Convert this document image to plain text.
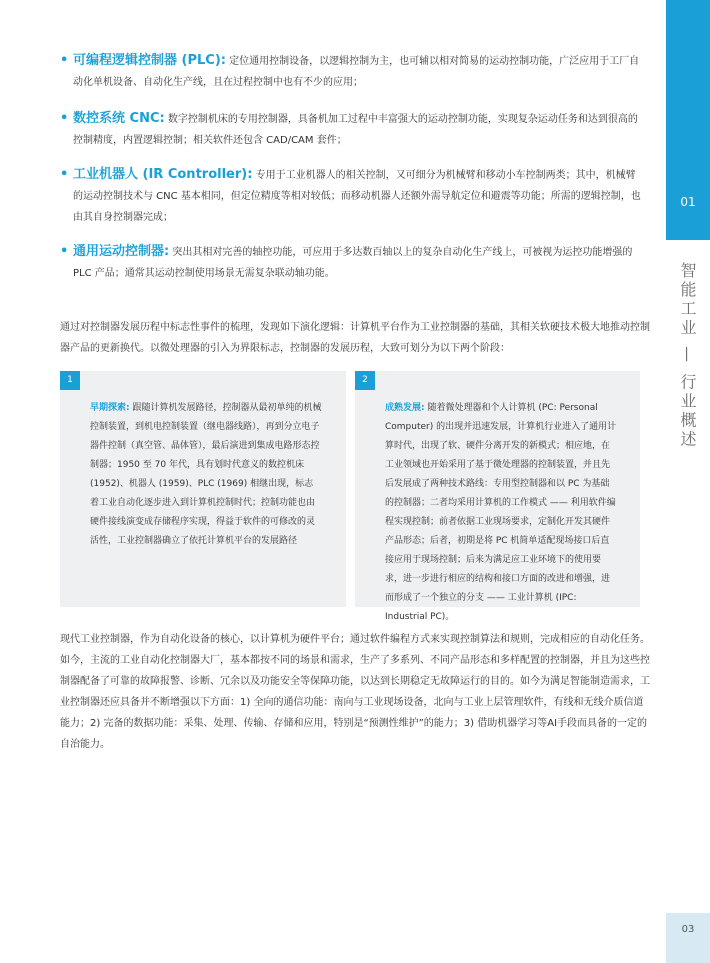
01
智能工业 — 行业概述
03
• 可编程逻辑控制器 (PLC): 定位通用控制设备，以逻辑控制为主，也可辅以相对简易的运动控制功能，广泛应用于工厂自动化单机设备、自动化生产线，且在过程控制中也有不少的应用；
• 数控系统 CNC: 数字控制机床的专用控制器，具备机加工过程中丰富强大的运动控制功能，实现复杂运动任务和达到很高的控制精度，内置逻辑控制；相关软件还包含 CAD/CAM 套件；
• 工业机器人 (IR Controller): 专用于工业机器人的相关控制，又可细分为机械臂和移动小车控制两类；其中，机械臂的运动控制技术与 CNC 基本相同，但定位精度等相对较低；而移动机器人还额外需导航定位和避震等功能；所需的逻辑控制，也由其自身控制器完成；
• 通用运动控制器: 突出其相对完善的轴控功能，可应用于多达数百轴以上的复杂自动化生产线上，可被视为运控功能增强的 PLC 产品；通常其运动控制使用场景无需复杂联动轴功能。
通过对控制器发展历程中标志性事件的梳理，发现如下演化逻辑：计算机平台作为工业控制器的基础，其相关软硬技术极大地推动控制器产品的更新换代。以微处理器的引入为界限标志，控制器的发展历程，大致可划分为以下两个阶段：
1
早期探索: 跟随计算机发展路径，控制器从最初单纯的机械控制装置，到机电控制装置（继电器线路），再到分立电子器件控制（真空管、晶体管），最后演进到集成电路形态控制器；1950 至 70 年代，具有划时代意义的数控机床 (1952)、机器人 (1959)、PLC (1969) 相继出现，标志着工业自动化逐步进入到计算机控制时代；控制功能也由硬件接线演变成存储程序实现，得益于软件的可修改的灵活性，工业控制器确立了依托计算机平台的发展路径
2
成熟发展: 随着微处理器和个人计算机 (PC: Personal Computer) 的出现并迅速发展，计算机行业进入了通用计算时代，出现了软、硬件分离开发的新模式；相应地，在工业领域也开始采用了基于微处理器的控制装置，并且先后发展成了两种技术路线：专用型控制器和以 PC 为基础的控制器；二者均采用计算机的工作模式 —— 利用软件编程实现控制；前者依据工业现场要求，定制化开发其硬件产品形态；后者，初期是将 PC 机简单适配现场接口后直接应用于现场控制；后来为满足应工业环境下的使用要求，进一步进行相应的结构和接口方面的改进和增强，进而形成了一个独立的分支 —— 工业计算机 (IPC: Industrial PC)。
现代工业控制器，作为自动化设备的核心，以计算机为硬件平台；通过软件编程方式来实现控制算法和规则，完成相应的自动化任务。如今，主流的工业自动化控制器大厂，基本都按不同的场景和需求，生产了多系列、不同产品形态和多样配置的控制器，并且为这些控制器配备了可靠的故障报警、诊断、冗余以及功能安全等保障功能，以达到长期稳定无故障运行的目的。如今为满足智能制造需求，工业控制器还应具备并不断增强以下方面：1) 全向的通信功能：南向与工业现场设备，北向与工业上层管理软件，有线和无线介质信道能力；2) 完备的数据功能：采集、处理、传输、存储和应用，特别是“预测性维护”的能力；3) 借助机器学习等AI手段而具备的一定的自治能力。
